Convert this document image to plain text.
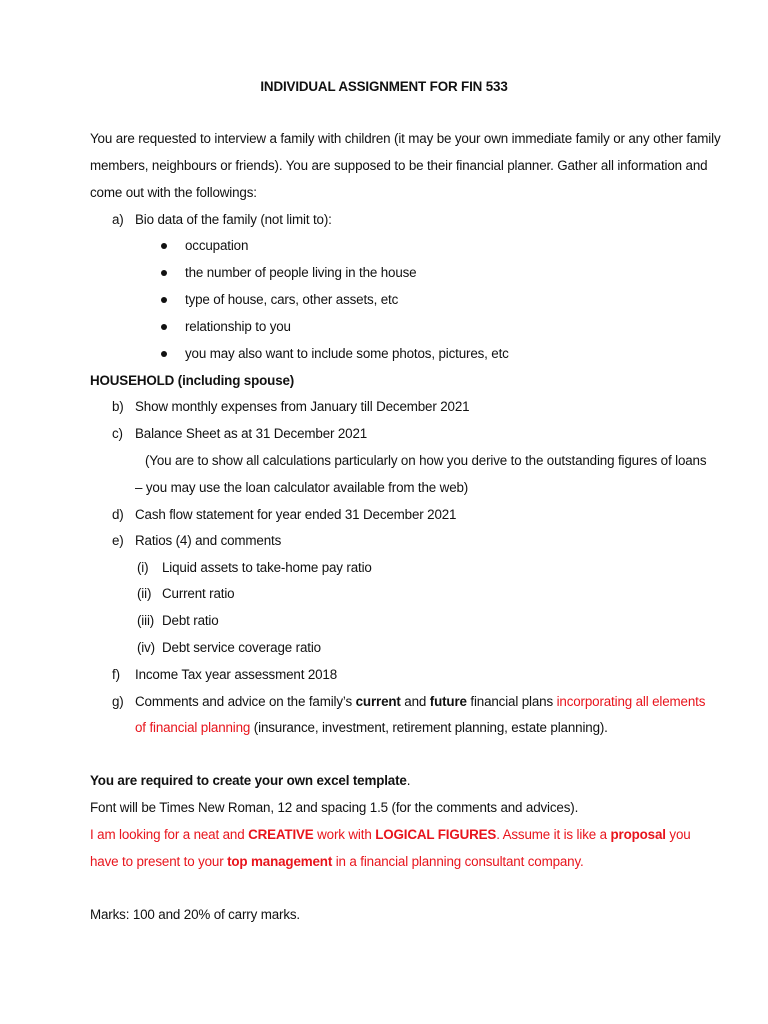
INDIVIDUAL ASSIGNMENT FOR FIN 533
You are requested to interview a family with children (it may be your own immediate family or any other family
members, neighbours or friends). You are supposed to be their financial planner. Gather all information and
come out with the followings:
a) Bio data of the family (not limit to):
occupation
the number of people living in the house
type of house, cars, other assets, etc
relationship to you
you may also want to include some photos, pictures, etc
HOUSEHOLD (including spouse)
b) Show monthly expenses from January till December 2021
c) Balance Sheet as at 31 December 2021
(You are to show all calculations particularly on how you derive to the outstanding figures of loans
– you may use the loan calculator available from the web)
d) Cash flow statement for year ended 31 December 2021
e) Ratios (4) and comments
(i) Liquid assets to take-home pay ratio
(ii) Current ratio
(iii) Debt ratio
(iv) Debt service coverage ratio
f) Income Tax year assessment 2018
g) Comments and advice on the family’s current and future financial plans incorporating all elements
of financial planning (insurance, investment, retirement planning, estate planning).
You are required to create your own excel template.
Font will be Times New Roman, 12 and spacing 1.5 (for the comments and advices).
I am looking for a neat and CREATIVE work with LOGICAL FIGURES. Assume it is like a proposal you
have to present to your top management in a financial planning consultant company.
Marks: 100 and 20% of carry marks.
